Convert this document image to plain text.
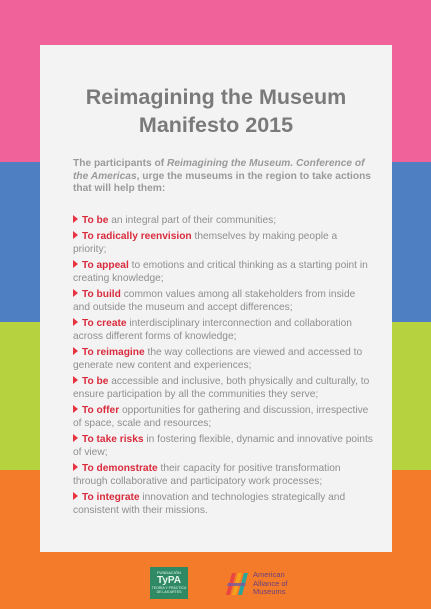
Reimagining the Museum
Manifesto 2015
The participants of Reimagining the Museum. Conference of the Americas, urge the museums in the region to take actions that will help them:
To be an integral part of their communities;
To radically reenvision themselves by making people a priority;
To appeal to emotions and critical thinking as a starting point in creating knowledge;
To build common values among all stakeholders from inside and outside the museum and accept differences;
To create interdisciplinary interconnection and collaboration across different forms of knowledge;
To reimagine the way collections are viewed and accessed to generate new content and experiences;
To be accessible and inclusive, both physically and culturally, to ensure participation by all the communities they serve;
To offer opportunities for gathering and discussion, irrespective of space, scale and resources;
To take risks in fostering flexible, dynamic and innovative points of view;
To demonstrate their capacity for positive transformation through collaborative and participatory work processes;
To integrate innovation and technologies strategically and consistent with their missions.
FUNDACIÓN
TyPA
TEORÍA Y PRÁCTICA DE LAS ARTES
American
Alliance of
Museums
